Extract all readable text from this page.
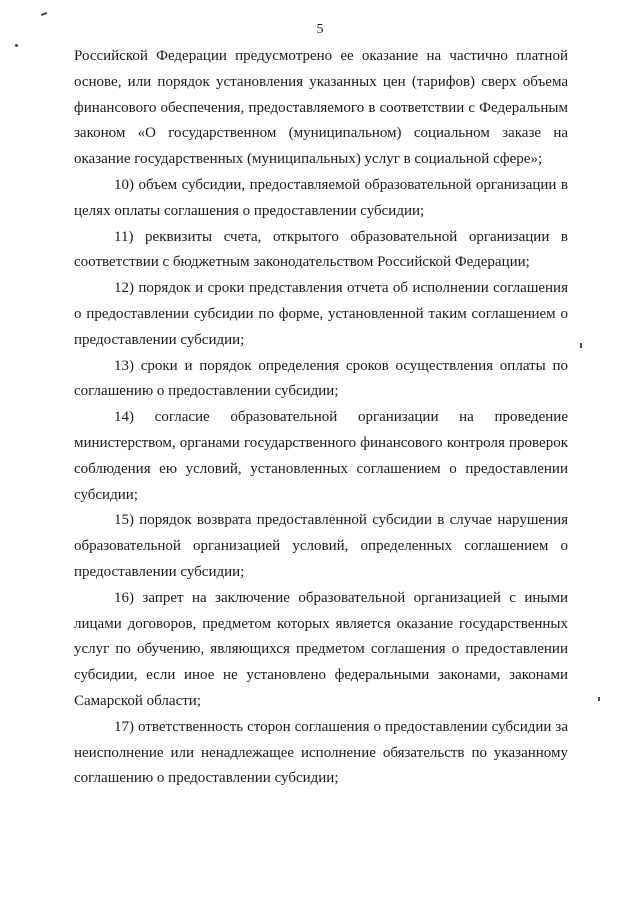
5

Российской Федерации предусмотрено ее оказание на частично платной основе, или порядок установления указанных цен (тарифов) сверх объема финансового обеспечения, предоставляемого в соответствии с Федеральным законом «О государственном (муниципальном) социальном заказе на оказание государственных (муниципальных) услуг в социальной сфере»;

10) объем субсидии, предоставляемой образовательной организации в целях оплаты соглашения о предоставлении субсидии;

11) реквизиты счета, открытого образовательной организации в соответствии с бюджетным законодательством Российской Федерации;

12) порядок и сроки представления отчета об исполнении соглашения о предоставлении субсидии по форме, установленной таким соглашением о предоставлении субсидии;

13) сроки и порядок определения сроков осуществления оплаты по соглашению о предоставлении субсидии;

14) согласие образовательной организации на проведение министерством, органами государственного финансового контроля проверок соблюдения ею условий, установленных соглашением о предоставлении субсидии;

15) порядок возврата предоставленной субсидии в случае нарушения образовательной организацией условий, определенных соглашением о предоставлении субсидии;

16) запрет на заключение образовательной организацией с иными лицами договоров, предметом которых является оказание государственных услуг по обучению, являющихся предметом соглашения о предоставлении субсидии, если иное не установлено федеральными законами, законами Самарской области;

17) ответственность сторон соглашения о предоставлении субсидии за неисполнение или ненадлежащее исполнение обязательств по указанному соглашению о предоставлении субсидии;
